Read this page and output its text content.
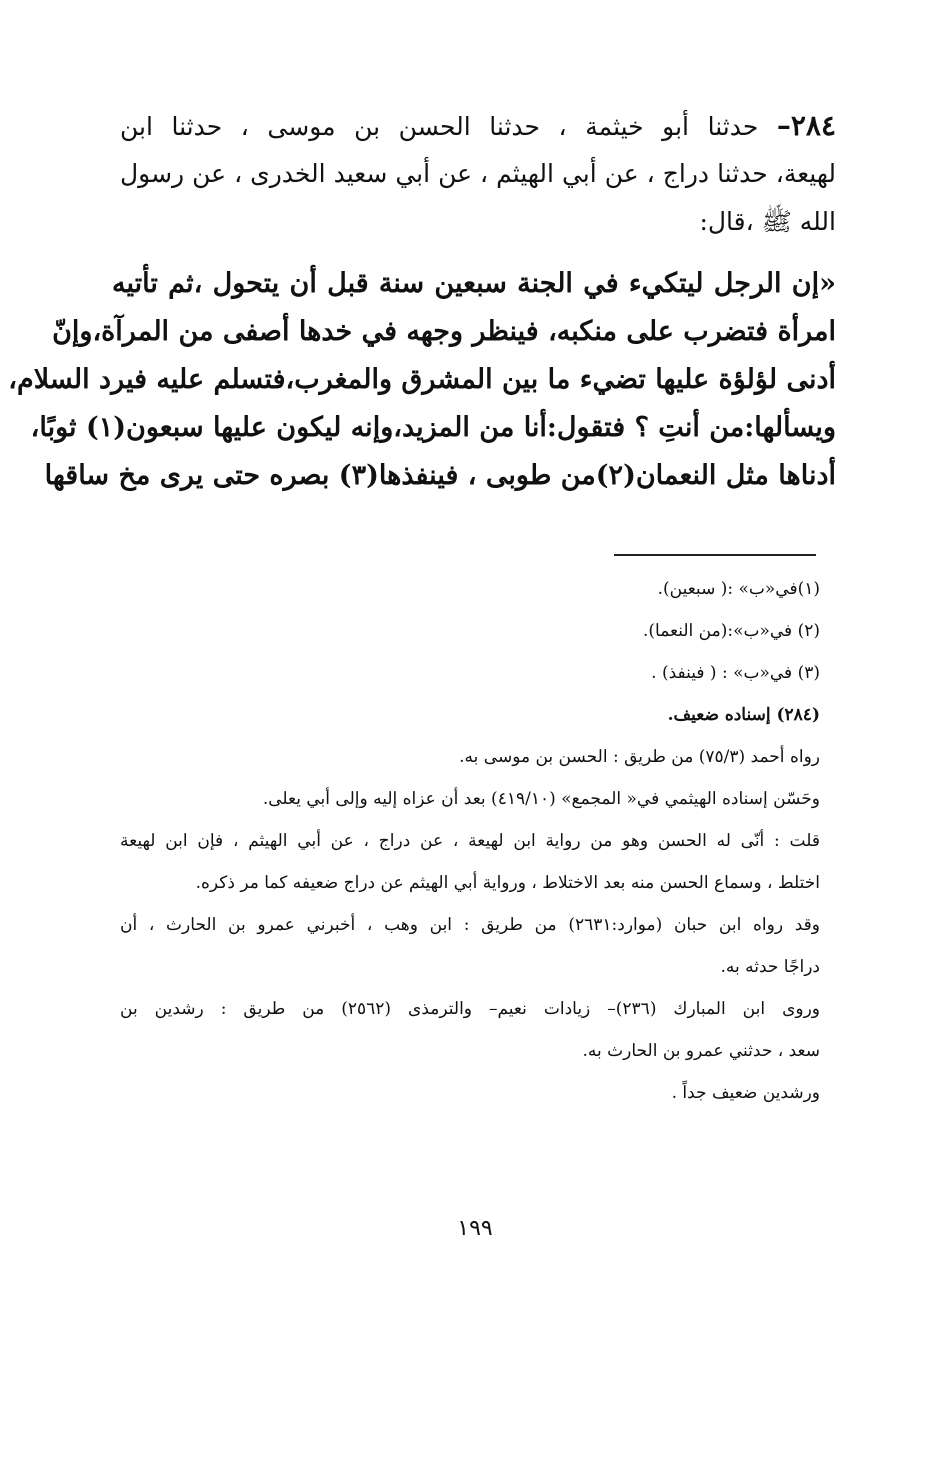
٢٨٤– حدثنا أبو خيثمة ، حدثنا الحسن بن موسى ، حدثنا ابن
لهيعة، حدثنا دراج ، عن أبي الهيثم ، عن أبي سعيد الخدرى ، عن رسول
الله ﷺ ،قال:
«إن الرجل ليتكيء في الجنة سبعين سنة قبل أن يتحول ،ثم تأتيه
امرأة فتضرب على منكبه، فينظر وجهه في خدها أصفى من المرآة،وإنّ
أدنى لؤلؤة عليها تضيء ما بين المشرق والمغرب،فتسلم عليه فيرد السلام،
ويسألها:من أنتِ ؟ فتقول:أنا من المزيد،وإنه ليكون عليها سبعون(١) ثوبًا،
أدناها مثل النعمان(٢)من طوبى ، فينفذها(٣) بصره حتى يرى مخ ساقها
(١)في«ب» :( سبعين).
(٢) في«ب»:(من النعما).
(٣) في«ب» : ( فينفذ) .
(٢٨٤) إسناده ضعيف.
رواه أحمد (٧٥/٣) من طريق : الحسن بن موسى به.
وحَسّن إسناده الهيثمي في« المجمع» (٤١٩/١٠) بعد أن عزاه إليه وإلى أبي يعلى.
قلت : أنّى له الحسن وهو من رواية ابن لهيعة ، عن دراج ، عن أبي الهيثم ، فإن ابن لهيعة
اختلط ، وسماع الحسن منه بعد الاختلاط ، ورواية أبي الهيثم عن دراج ضعيفه كما مر ذكره.
وقد رواه ابن حبان (موارد:٢٦٣١) من طريق : ابن وهب ، أخبرني عمرو بن الحارث ، أن
دراجًا حدثه به.
وروى ابن المبارك (٢٣٦)– زيادات نعيم– والترمذى (٢٥٦٢) من طريق : رشدين بن
سعد ، حدثني عمرو بن الحارث به.
ورشدين ضعيف جداً .
١٩٩
